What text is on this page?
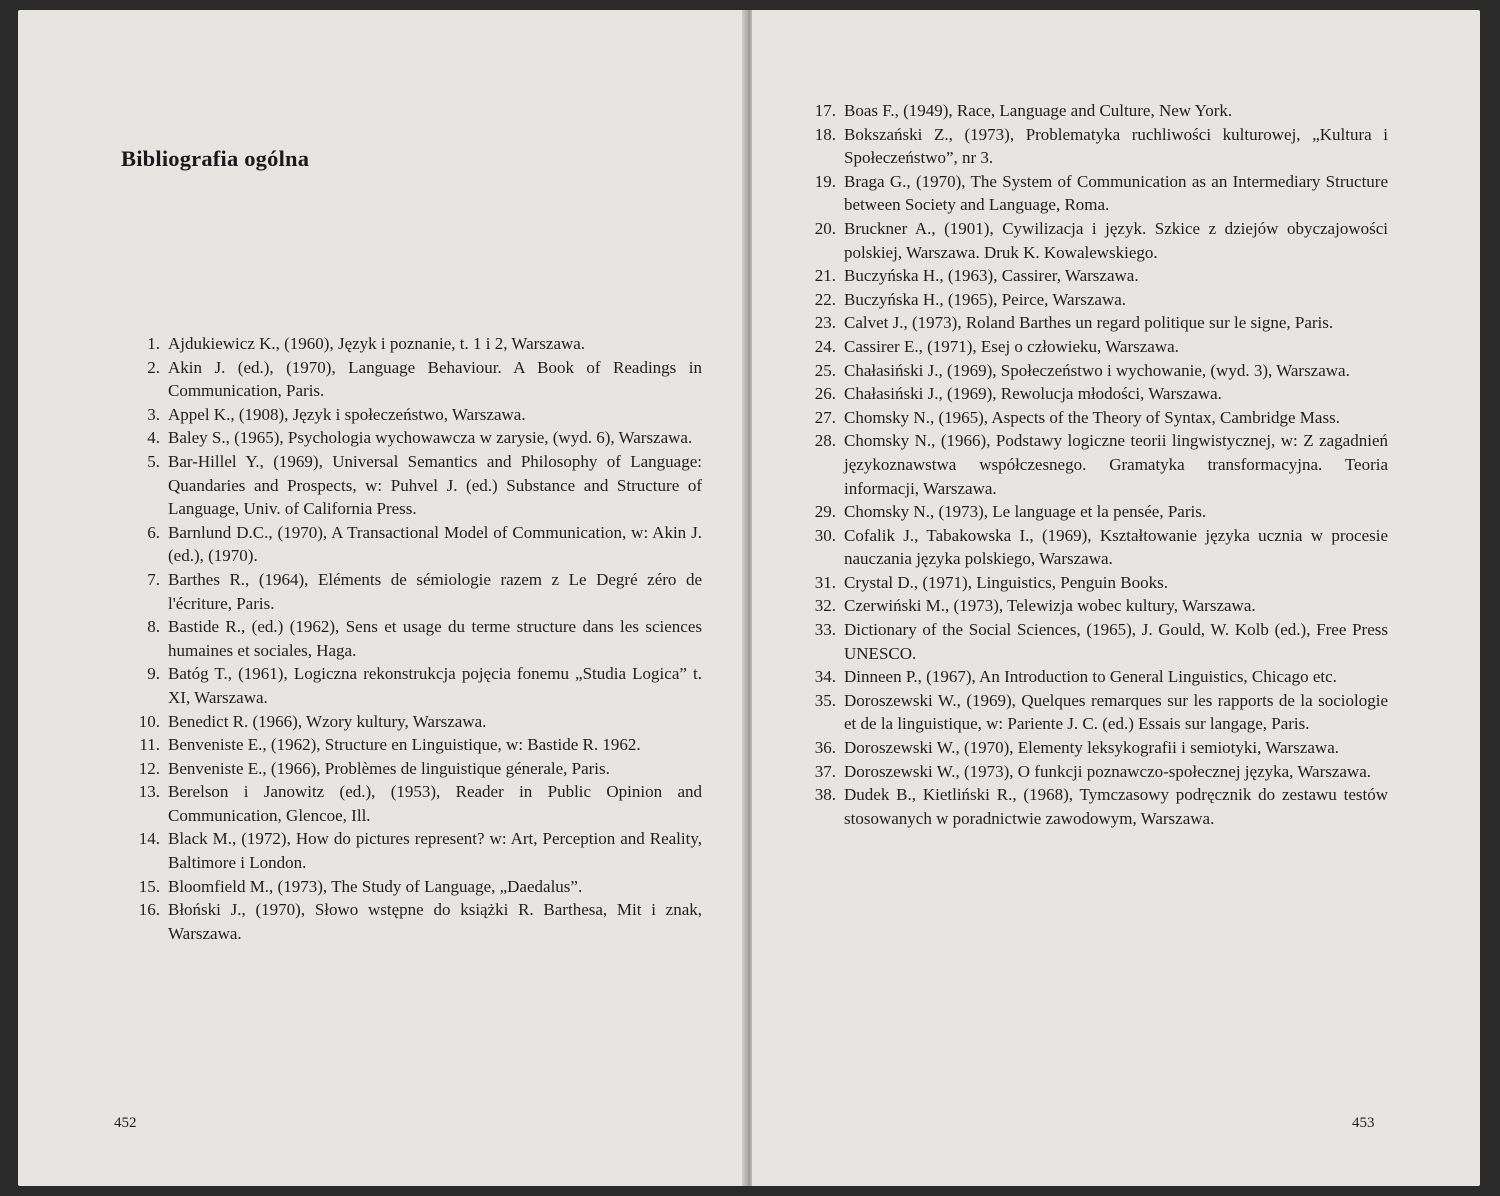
Bibliografia ogólna
1. Ajdukiewicz K., (1960), Język i poznanie, t. 1 i 2, Warszawa.
2. Akin J. (ed.), (1970), Language Behaviour. A Book of Readings in Communication, Paris.
3. Appel K., (1908), Język i społeczeństwo, Warszawa.
4. Baley S., (1965), Psychologia wychowawcza w zarysie, (wyd. 6), Warszawa.
5. Bar-Hillel Y., (1969), Universal Semantics and Philosophy of Language: Quandaries and Prospects, w: Puhvel J. (ed.) Substance and Structure of Language, Univ. of California Press.
6. Barnlund D.C., (1970), A Transactional Model of Communication, w: Akin J. (ed.), (1970).
7. Barthes R., (1964), Eléments de sémiologie razem z Le Degré zéro de l'écriture, Paris.
8. Bastide R., (ed.) (1962), Sens et usage du terme structure dans les sciences humaines et sociales, Haga.
9. Batóg T., (1961), Logiczna rekonstrukcja pojęcia fonemu „Studia Logica” t. XI, Warszawa.
10. Benedict R. (1966), Wzory kultury, Warszawa.
11. Benveniste E., (1962), Structure en Linguistique, w: Bastide R. 1962.
12. Benveniste E., (1966), Problèmes de linguistique génerale, Paris.
13. Berelson i Janowitz (ed.), (1953), Reader in Public Opinion and Communication, Glencoe, Ill.
14. Black M., (1972), How do pictures represent? w: Art, Perception and Reality, Baltimore i London.
15. Bloomfield M., (1973), The Study of Language, „Daedalus”.
16. Błoński J., (1970), Słowo wstępne do książki R. Barthesa, Mit i znak, Warszawa.
452
17. Boas F., (1949), Race, Language and Culture, New York.
18. Bokszański Z., (1973), Problematyka ruchliwości kulturowej, „Kultura i Społeczeństwo”, nr 3.
19. Braga G., (1970), The System of Communication as an Intermediary Structure between Society and Language, Roma.
20. Bruckner A., (1901), Cywilizacja i język. Szkice z dziejów obyczajowości polskiej, Warszawa. Druk K. Kowalewskiego.
21. Buczyńska H., (1963), Cassirer, Warszawa.
22. Buczyńska H., (1965), Peirce, Warszawa.
23. Calvet J., (1973), Roland Barthes un regard politique sur le signe, Paris.
24. Cassirer E., (1971), Esej o człowieku, Warszawa.
25. Chałasiński J., (1969), Społeczeństwo i wychowanie, (wyd. 3), Warszawa.
26. Chałasiński J., (1969), Rewolucja młodości, Warszawa.
27. Chomsky N., (1965), Aspects of the Theory of Syntax, Cambridge Mass.
28. Chomsky N., (1966), Podstawy logiczne teorii lingwistycznej, w: Z zagadnień językoznawstwa współczesnego. Gramatyka transformacyjna. Teoria informacji, Warszawa.
29. Chomsky N., (1973), Le language et la pensée, Paris.
30. Cofalik J., Tabakowska I., (1969), Kształtowanie języka ucznia w procesie nauczania języka polskiego, Warszawa.
31. Crystal D., (1971), Linguistics, Penguin Books.
32. Czerwiński M., (1973), Telewizja wobec kultury, Warszawa.
33. Dictionary of the Social Sciences, (1965), J. Gould, W. Kolb (ed.), Free Press UNESCO.
34. Dinneen P., (1967), An Introduction to General Linguistics, Chicago etc.
35. Doroszewski W., (1969), Quelques remarques sur les rapports de la sociologie et de la linguistique, w: Pariente J. C. (ed.) Essais sur langage, Paris.
36. Doroszewski W., (1970), Elementy leksykografii i semiotyki, Warszawa.
37. Doroszewski W., (1973), O funkcji poznawczo-społecznej języka, Warszawa.
38. Dudek B., Kietliński R., (1968), Tymczasowy podręcznik do zestawu testów stosowanych w poradnictwie zawodowym, Warszawa.
453
